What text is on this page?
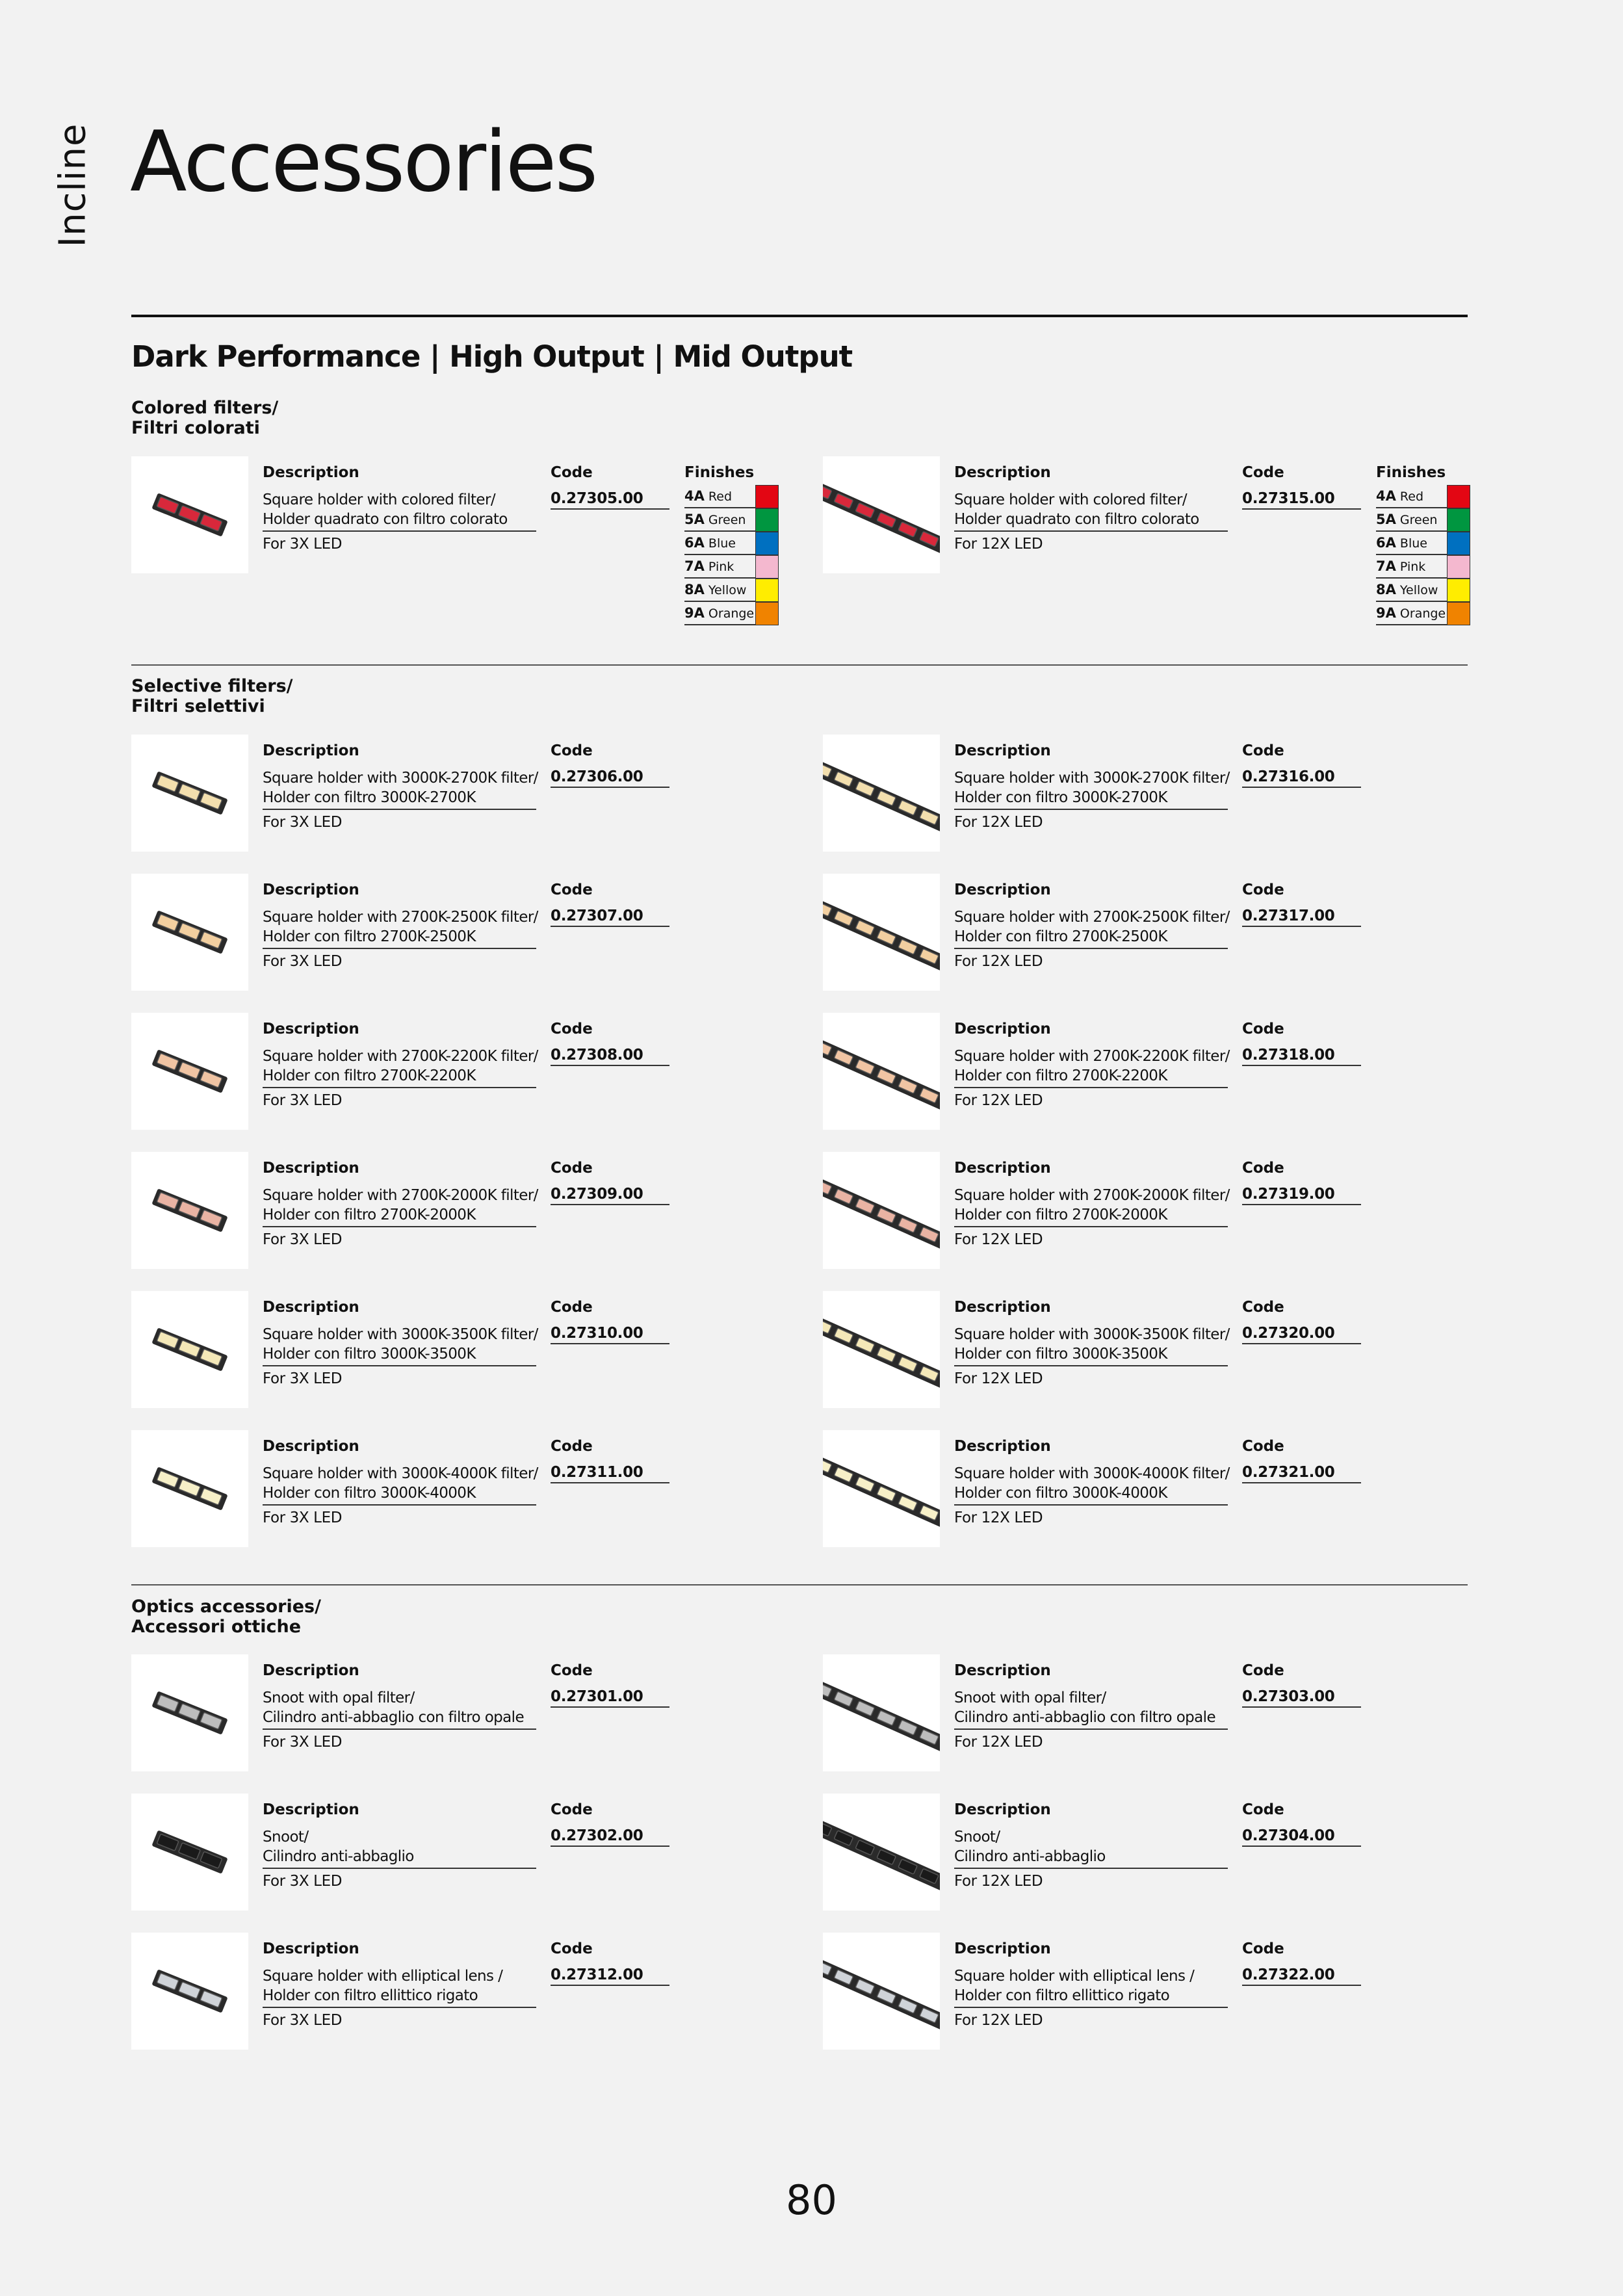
Incline Accessories
Dark Performance | High Output | Mid Output
Colored filters/
Filtri colorati
Description
Square holder with colored filter/
Holder quadrato con filtro colorato
For 3X LED
Code
0.27305.00
Finishes
4A Red
5A Green
6A Blue
7A Pink
8A Yellow
9A Orange
Description
Square holder with colored filter/
Holder quadrato con filtro colorato
For 12X LED
Code
0.27315.00
Finishes
4A Red
5A Green
6A Blue
7A Pink
8A Yellow
9A Orange
Selective filters/
Filtri selettivi
Description
Square holder with 3000K-2700K filter/
Holder con filtro 3000K-2700K
For 3X LED
Code
0.27306.00
Description
Square holder with 3000K-2700K filter/
Holder con filtro 3000K-2700K
For 12X LED
Code
0.27316.00
Description
Square holder with 2700K-2500K filter/
Holder con filtro 2700K-2500K
For 3X LED
Code
0.27307.00
Description
Square holder with 2700K-2500K filter/
Holder con filtro 2700K-2500K
For 12X LED
Code
0.27317.00
Description
Square holder with 2700K-2200K filter/
Holder con filtro 2700K-2200K
For 3X LED
Code
0.27308.00
Description
Square holder with 2700K-2200K filter/
Holder con filtro 2700K-2200K
For 12X LED
Code
0.27318.00
Description
Square holder with 2700K-2000K filter/
Holder con filtro 2700K-2000K
For 3X LED
Code
0.27309.00
Description
Square holder with 2700K-2000K filter/
Holder con filtro 2700K-2000K
For 12X LED
Code
0.27319.00
Description
Square holder with 3000K-3500K filter/
Holder con filtro 3000K-3500K
For 3X LED
Code
0.27310.00
Description
Square holder with 3000K-3500K filter/
Holder con filtro 3000K-3500K
For 12X LED
Code
0.27320.00
Description
Square holder with 3000K-4000K filter/
Holder con filtro 3000K-4000K
For 3X LED
Code
0.27311.00
Description
Square holder with 3000K-4000K filter/
Holder con filtro 3000K-4000K
For 12X LED
Code
0.27321.00
Optics accessories/
Accessori ottiche
Description
Snoot with opal filter/
Cilindro anti-abbaglio con filtro opale
For 3X LED
Code
0.27301.00
Description
Snoot with opal filter/
Cilindro anti-abbaglio con filtro opale
For 12X LED
Code
0.27303.00
Description
Snoot/
Cilindro anti-abbaglio
For 3X LED
Code
0.27302.00
Description
Snoot/
Cilindro anti-abbaglio
For 12X LED
Code
0.27304.00
Description
Square holder with elliptical lens /
Holder con filtro ellittico rigato
For 3X LED
Code
0.27312.00
Description
Square holder with elliptical lens /
Holder con filtro ellittico rigato
For 12X LED
Code
0.27322.00
80
